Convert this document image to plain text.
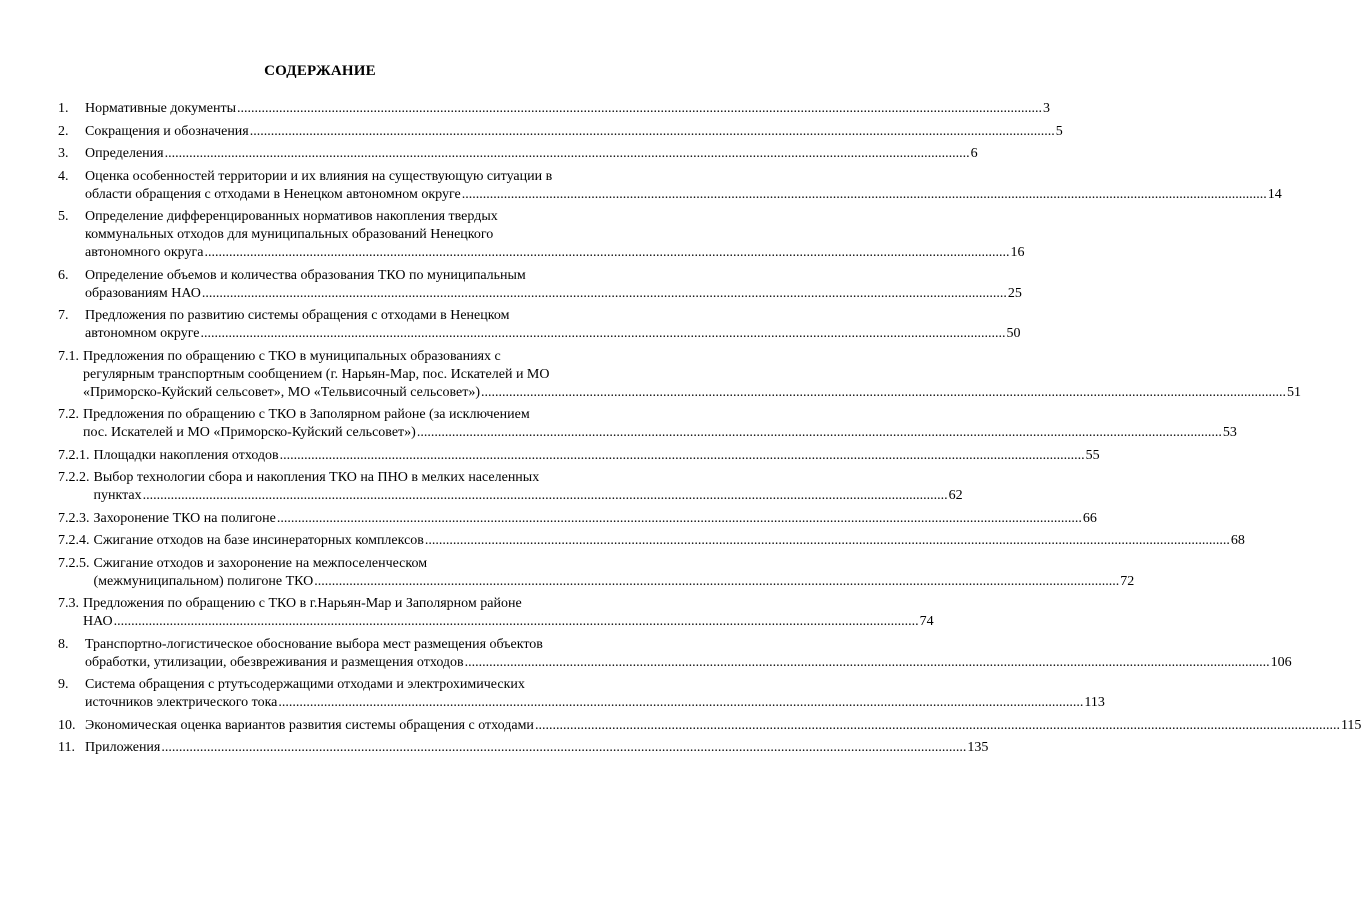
СОДЕРЖАНИЕ
1.	Нормативные документы .....	3
2.	Сокращения и обозначения .....	5
3.	Определения .....	6
4.	Оценка особенностей территории и их влияния на существующую ситуации в
области обращения с отходами в Ненецком автономном округе .....	14
5.	Определение дифференцированных нормативов накопления твердых
коммунальных отходов для муниципальных образований Ненецкого
автономного округа .....	16
6.	Определение объемов и количества образования ТКО по муниципальным
образованиям НАО .....	25
7.	Предложения по развитию системы обращения с отходами в Ненецком
автономном округе .....	50
7.1. Предложения по обращению с ТКО в муниципальных образованиях с
регулярным транспортным сообщением (г. Нарьян-Мар, пос. Искателей и МО
«Приморско-Куйский сельсовет», МО «Тельвисочный сельсовет») .....	51
7.2. Предложения по обращению с ТКО в Заполярном районе (за исключением
пос. Искателей и МО «Приморско-Куйский сельсовет») .....	53
7.2.1. Площадки накопления отходов .....	55
7.2.2. Выбор технологии сбора и накопления ТКО на ПНО в мелких населенных
пунктах .....	62
7.2.3. Захоронение ТКО на полигоне .....	66
7.2.4. Сжигание отходов на базе инсинераторных комплексов .....	68
7.2.5. Сжигание отходов и захоронение на межпоселенческом
(межмуниципальном) полигоне ТКО .....	72
7.3. Предложения по обращению с ТКО в г.Нарьян-Мар и Заполярном районе
НАО .....	74
8.	Транспортно-логистическое обоснование выбора мест размещения объектов
обработки, утилизации, обезвреживания и размещения отходов .....	106
9.	Система обращения с ртутьсодержащими отходами и электрохимических
источников электрического тока .....	113
10. Экономическая оценка вариантов развития системы обращения с отходами .....	115
11. Приложения .....	135
